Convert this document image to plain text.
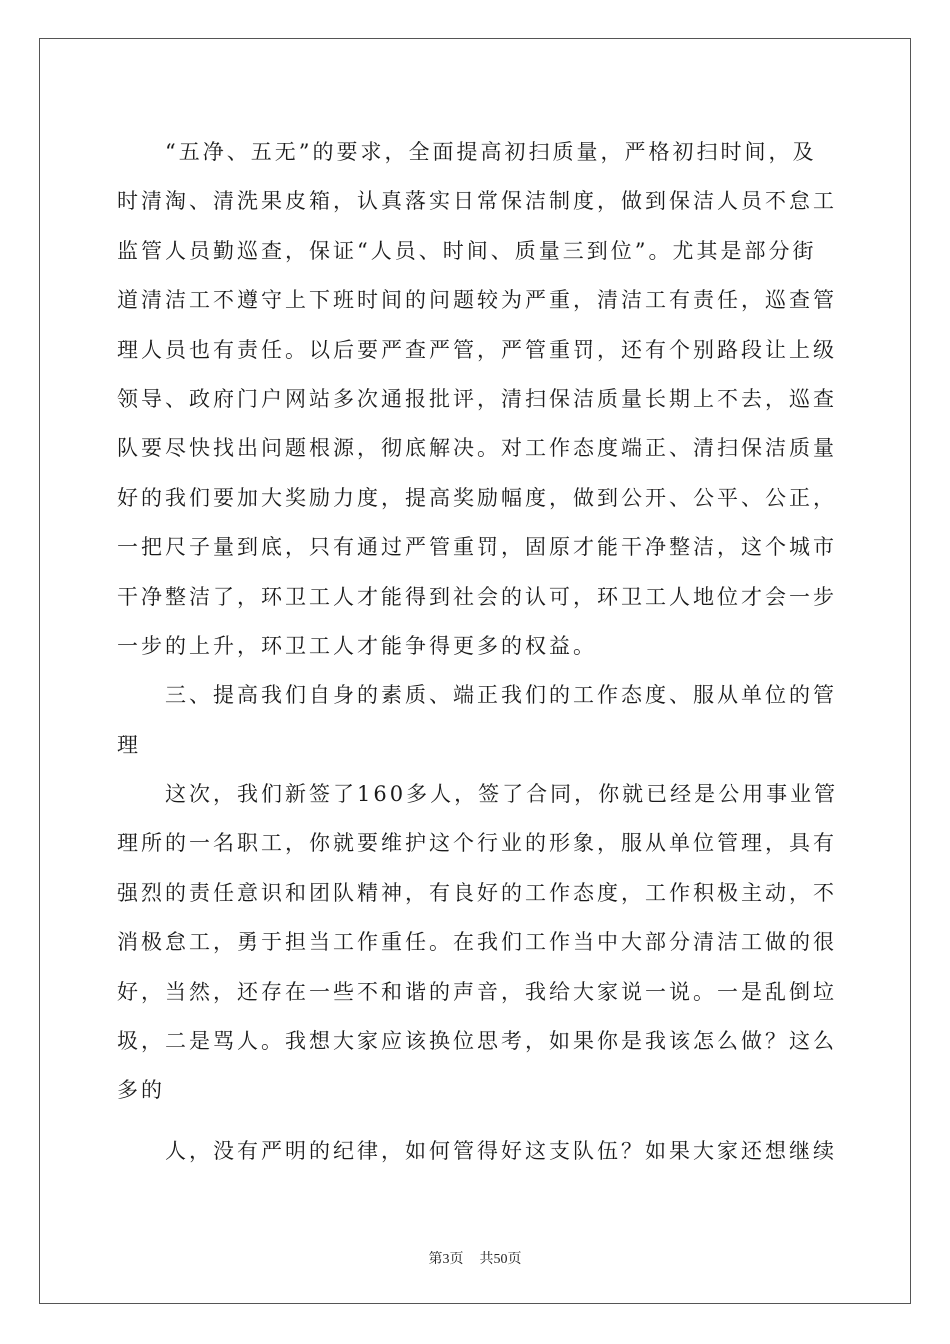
“五净、五无”的要求，全面提高初扫质量，严格初扫时间，及
时清淘、清洗果皮箱，认真落实日常保洁制度，做到保洁人员不怠工
监管人员勤巡查，保证“人员、时间、质量三到位”。尤其是部分街
道清洁工不遵守上下班时间的问题较为严重，清洁工有责任，巡查管
理人员也有责任。以后要严查严管，严管重罚，还有个别路段让上级
领导、政府门户网站多次通报批评，清扫保洁质量长期上不去，巡查
队要尽快找出问题根源，彻底解决。对工作态度端正、清扫保洁质量
好的我们要加大奖励力度，提高奖励幅度，做到公开、公平、公正，
一把尺子量到底，只有通过严管重罚，固原才能干净整洁，这个城市
干净整洁了，环卫工人才能得到社会的认可，环卫工人地位才会一步
一步的上升，环卫工人才能争得更多的权益。
三、提高我们自身的素质、端正我们的工作态度、服从单位的管
理
这次，我们新签了160多人，签了合同，你就已经是公用事业管
理所的一名职工，你就要维护这个行业的形象，服从单位管理，具有
强烈的责任意识和团队精神，有良好的工作态度，工作积极主动，不
消极怠工，勇于担当工作重任。在我们工作当中大部分清洁工做的很
好，当然，还存在一些不和谐的声音，我给大家说一说。一是乱倒垃
圾，二是骂人。我想大家应该换位思考，如果你是我该怎么做？这么
多的
人，没有严明的纪律，如何管得好这支队伍？如果大家还想继续
第3页 共50页
